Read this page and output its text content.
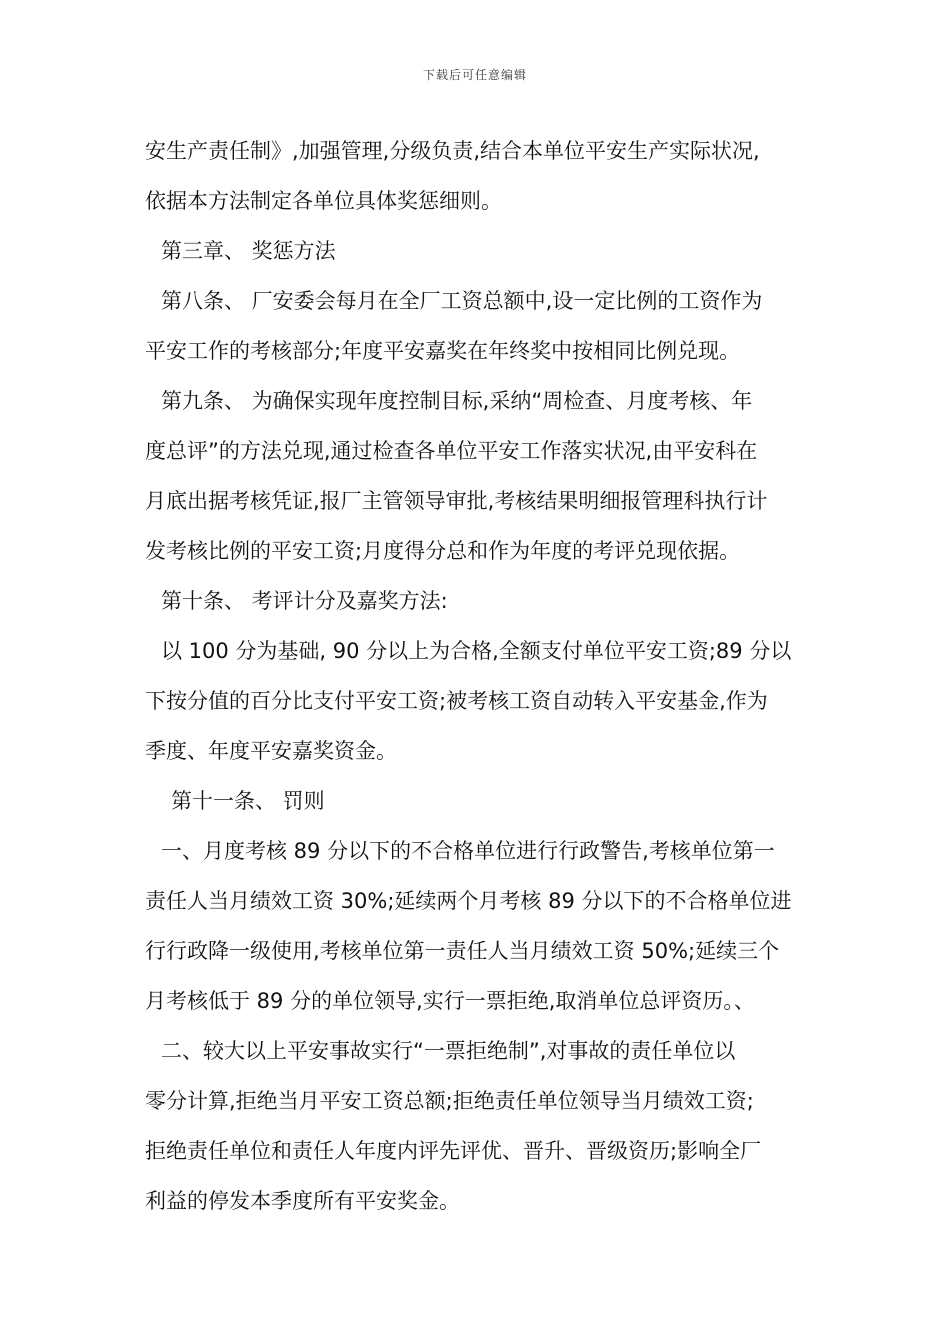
下载后可任意编辑
安生产责任制》,加强管理,分级负责,结合本单位平安生产实际状况,
依据本方法制定各单位具体奖惩细则。
第三章、 奖惩方法
第八条、 厂安委会每月在全厂工资总额中,设一定比例的工资作为
平安工作的考核部分;年度平安嘉奖在年终奖中按相同比例兑现。
第九条、 为确保实现年度控制目标,采纳“周检查、月度考核、年
度总评”的方法兑现,通过检查各单位平安工作落实状况,由平安科在
月底出据考核凭证,报厂主管领导审批,考核结果明细报管理科执行计
发考核比例的平安工资;月度得分总和作为年度的考评兑现依据。
第十条、 考评计分及嘉奖方法:
以 100 分为基础, 90 分以上为合格,全额支付单位平安工资;89 分以
下按分值的百分比支付平安工资;被考核工资自动转入平安基金,作为
季度、年度平安嘉奖资金。
第十一条、 罚则
一、月度考核 89 分以下的不合格单位进行行政警告,考核单位第一
责任人当月绩效工资 30%;延续两个月考核 89 分以下的不合格单位进
行行政降一级使用,考核单位第一责任人当月绩效工资 50%;延续三个
月考核低于 89 分的单位领导,实行一票拒绝,取消单位总评资历。、
二、较大以上平安事故实行“一票拒绝制”,对事故的责任单位以
零分计算,拒绝当月平安工资总额;拒绝责任单位领导当月绩效工资;
拒绝责任单位和责任人年度内评先评优、晋升、晋级资历;影响全厂
利益的停发本季度所有平安奖金。
